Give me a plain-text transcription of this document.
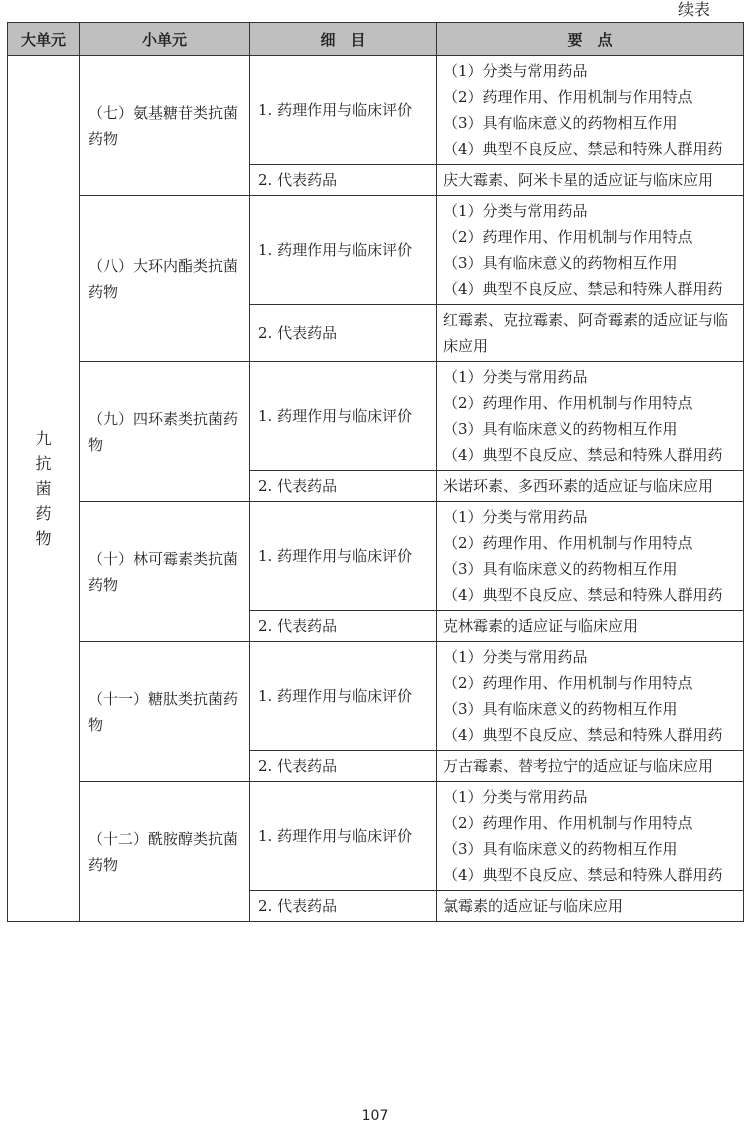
续表
大单元	小单元	细　目	要　点
九　抗菌药物	（七）氨基糖苷类抗菌药物	1. 药理作用与临床评价	（1）分类与常用药品
（2）药理作用、作用机制与作用特点
（3）具有临床意义的药物相互作用
（4）典型不良反应、禁忌和特殊人群用药

		2. 代表药品	庆大霉素、阿米卡星的适应证与临床应用
	（八）大环内酯类抗菌药物	1. 药理作用与临床评价	（1）分类与常用药品
（2）药理作用、作用机制与作用特点
（3）具有临床意义的药物相互作用
（4）典型不良反应、禁忌和特殊人群用药

		2. 代表药品	红霉素、克拉霉素、阿奇霉素的适应证与临床应用
	（九）四环素类抗菌药物	1. 药理作用与临床评价	（1）分类与常用药品
（2）药理作用、作用机制与作用特点
（3）具有临床意义的药物相互作用
（4）典型不良反应、禁忌和特殊人群用药

		2. 代表药品	米诺环素、多西环素的适应证与临床应用
	（十）林可霉素类抗菌药物	1. 药理作用与临床评价	（1）分类与常用药品
（2）药理作用、作用机制与作用特点
（3）具有临床意义的药物相互作用
（4）典型不良反应、禁忌和特殊人群用药

		2. 代表药品	克林霉素的适应证与临床应用
	（十一）糖肽类抗菌药物	1. 药理作用与临床评价	（1）分类与常用药品
（2）药理作用、作用机制与作用特点
（3）具有临床意义的药物相互作用
（4）典型不良反应、禁忌和特殊人群用药

		2. 代表药品	万古霉素、替考拉宁的适应证与临床应用
	（十二）酰胺醇类抗菌药物	1. 药理作用与临床评价	（1）分类与常用药品
（2）药理作用、作用机制与作用特点
（3）具有临床意义的药物相互作用
（4）典型不良反应、禁忌和特殊人群用药

		2. 代表药品	氯霉素的适应证与临床应用
107
